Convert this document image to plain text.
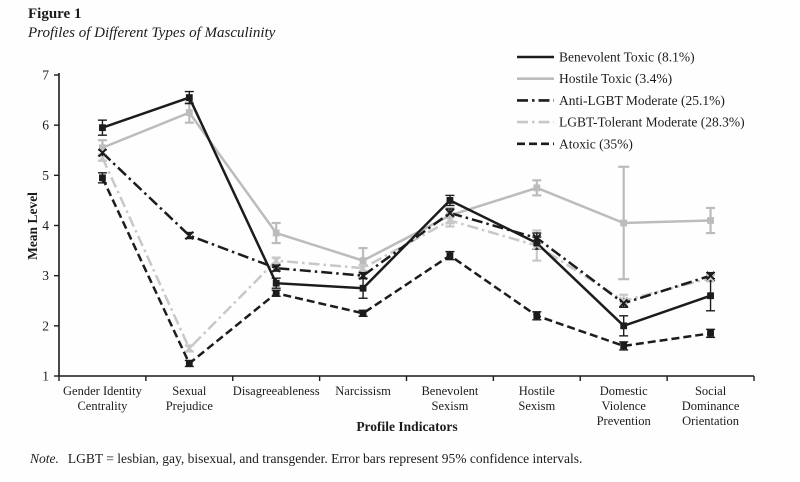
Figure 1
Profiles of Different Types of Masculinity
1
2
3
4
5
6
7
Gender Identity
Centrality
Sexual
Prejudice
Disagreeableness Narcissism Benevolent
Sexism
Hostile
Sexism
Domestic
Violence
Prevention
Social
Dominance
Orientation
Mean Level
Profile Indicators
Benevolent Toxic (8.1%)
Hostile Toxic (3.4%)
Anti-LGBT Moderate (25.1%)
LGBT-Tolerant Moderate (28.3%)
Atoxic (35%)
Note. LGBT = lesbian, gay, bisexual, and transgender. Error bars represent 95% confidence intervals.
